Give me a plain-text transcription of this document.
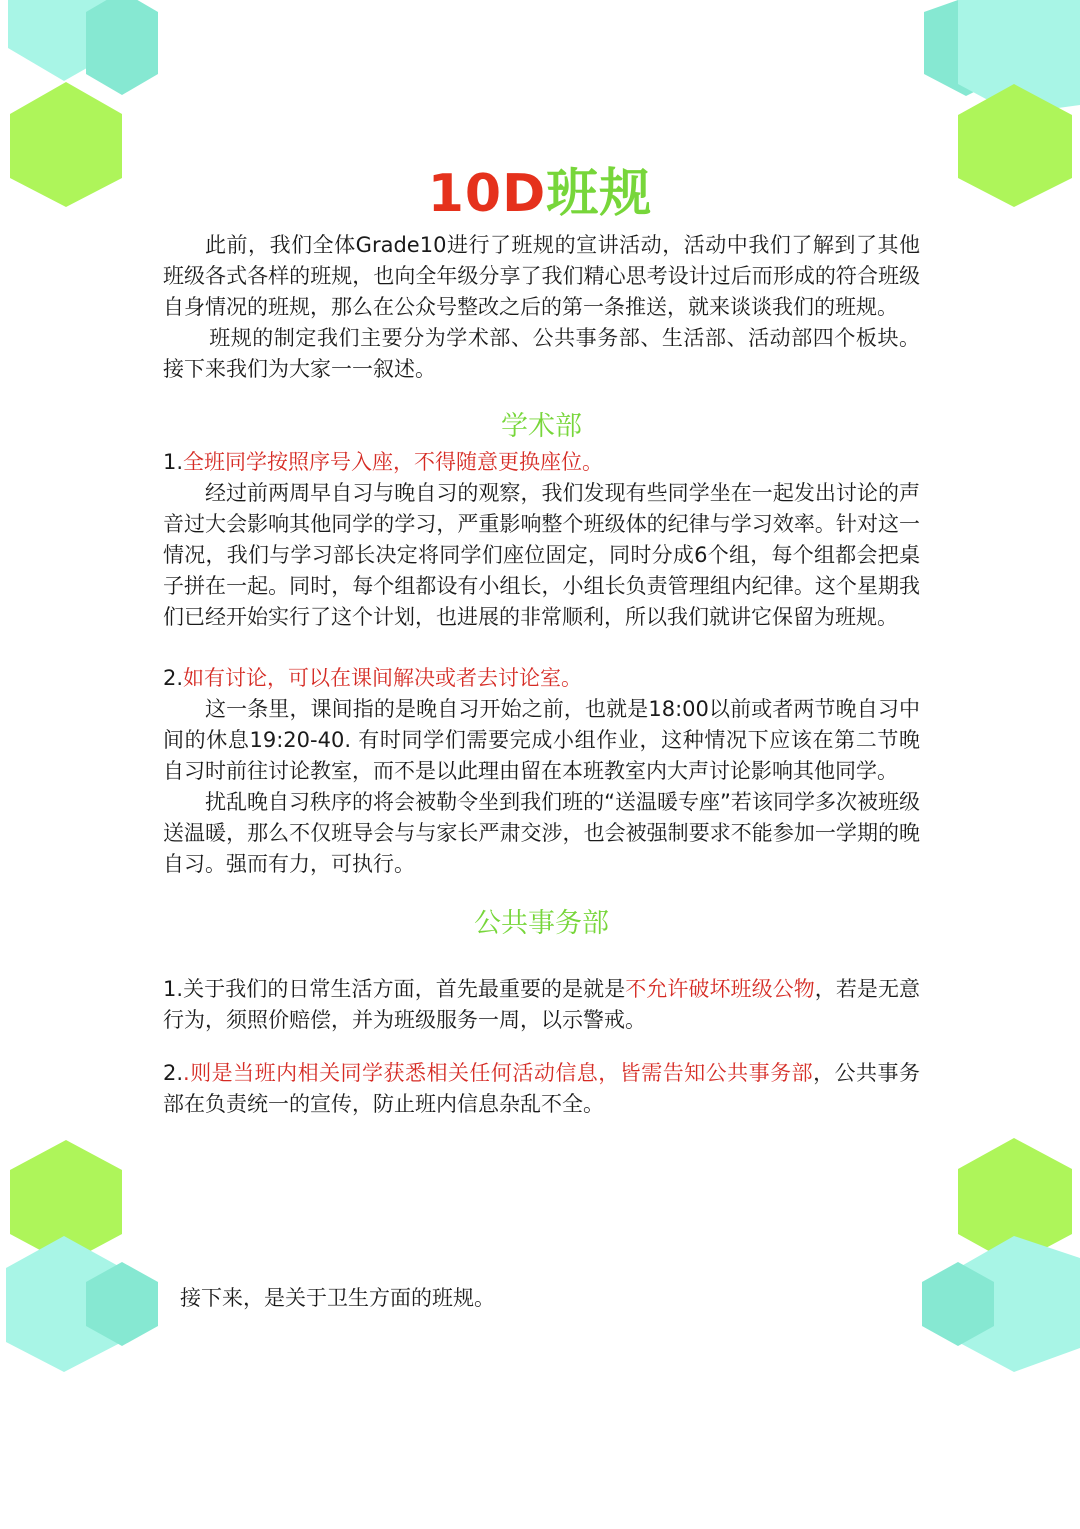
10D班规

此前，我们全体Grade10进行了班规的宣讲活动，活动中我们了解到了其他班级各式各样的班规，也向全年级分享了我们精心思考设计过后而形成的符合班级自身情况的班规，那么在公众号整改之后的第一条推送，就来谈谈我们的班规。

班规的制定我们主要分为学术部、公共事务部、生活部、活动部四个板块。接下来我们为大家一一叙述。

学术部

1.全班同学按照序号入座，不得随意更换座位。

经过前两周早自习与晚自习的观察，我们发现有些同学坐在一起发出讨论的声音过大会影响其他同学的学习，严重影响整个班级体的纪律与学习效率。针对这一情况，我们与学习部长决定将同学们座位固定，同时分成6个组，每个组都会把桌子拼在一起。同时，每个组都设有小组长，小组长负责管理组内纪律。这个星期我们已经开始实行了这个计划，也进展的非常顺利，所以我们就讲它保留为班规。

2.如有讨论，可以在课间解决或者去讨论室。

这一条里，课间指的是晚自习开始之前，也就是18:00以前或者两节晚自习中间的休息19:20-40. 有时同学们需要完成小组作业，这种情况下应该在第二节晚自习时前往讨论教室，而不是以此理由留在本班教室内大声讨论影响其他同学。

扰乱晚自习秩序的将会被勒令坐到我们班的“送温暖专座”若该同学多次被班级送温暖，那么不仅班导会与与家长严肃交涉，也会被强制要求不能参加一学期的晚自习。强而有力，可执行。

公共事务部

1.关于我们的日常生活方面，首先最重要的是就是不允许破坏班级公物，若是无意行为，须照价赔偿，并为班级服务一周，以示警戒。

2..则是当班内相关同学获悉相关任何活动信息，皆需告知公共事务部，公共事务部在负责统一的宣传，防止班内信息杂乱不全。

接下来，是关于卫生方面的班规。
